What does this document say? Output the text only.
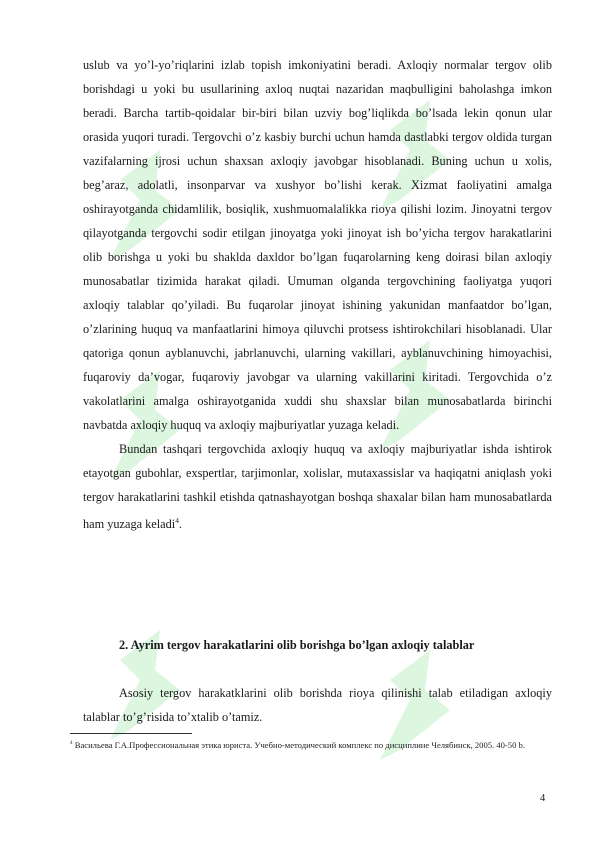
uslub va yo’l-yo’riqlarini izlab topish imkoniyatini beradi. Axloqiy normalar tergov olib borishdagi u yoki bu usullarining axloq nuqtai nazaridan maqbulligini baholashga imkon beradi. Barcha tartib-qoidalar bir-biri bilan uzviy bog’liqlikda bo’lsada lekin qonun ular orasida yuqori turadi. Tergovchi o’z kasbiy burchi uchun hamda dastlabki tergov oldida turgan vazifalarning ijrosi uchun shaxsan axloqiy javobgar hisoblanadi. Buning uchun u xolis, beg’araz, adolatli, insonparvar va xushyor bo’lishi kerak. Xizmat faoliyatini amalga oshirayotganda chidamlilik, bosiqlik, xushmuomalalikka rioya qilishi lozim. Jinoyatni tergov qilayotganda tergovchi sodir etilgan jinoyatga yoki jinoyat ish bo’yicha tergov harakatlarini olib borishga u yoki bu shaklda daxldor bo’lgan fuqarolarning keng doirasi bilan axloqiy munosabatlar tizimida harakat qiladi. Umuman olganda tergovchining faoliyatga yuqori axloqiy talablar qo’yiladi. Bu fuqarolar jinoyat ishining yakunidan manfaatdor bo’lgan, o’zlarining huquq va manfaatlarini himoya qiluvchi protsess ishtirokchilari hisoblanadi. Ular qatoriga qonun ayblanuvchi, jabrlanuvchi, ularning vakillari, ayblanuvchining himoyachisi, fuqaroviy da’vogar, fuqaroviy javobgar va ularning vakillarini kiritadi. Tergovchida o’z vakolatlarini amalga oshirayotganida xuddi shu shaxslar bilan munosabatlarda birinchi navbatda axloqiy huquq va axloqiy majburiyatlar yuzaga keladi.

Bundan tashqari tergovchida axloqiy huquq va axloqiy majburiyatlar ishda ishtirok etayotgan gubohlar, exspertlar, tarjimonlar, xolislar, mutaxassislar va haqiqatni aniqlash yoki tergov harakatlarini tashkil etishda qatnashayotgan boshqa shaxalar bilan ham munosabatlarda ham yuzaga keladi$^4$.

2. Ayrim tergov harakatlarini olib borishga bo’lgan axloqiy talablar

Asosiy tergov harakatklarini olib borishda rioya qilinishi talab etiladigan axloqiy talablar to’g’risida to’xtalib o’tamiz.

$^4$ Васильева Г.А.Профессиональная этика юриста. Учебно-методический комплекс по дисциплине Челябинск, 2005. 40-50 b.
4
